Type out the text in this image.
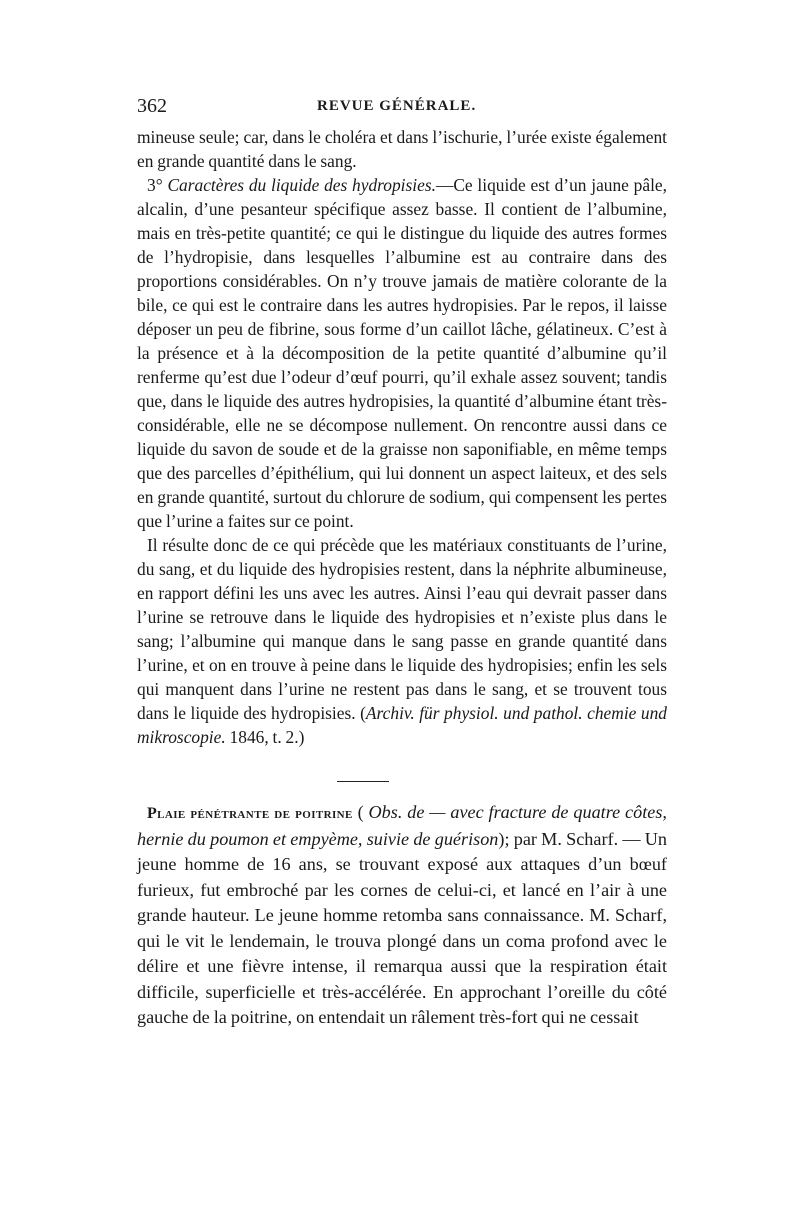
362	REVUE GÉNÉRALE.

mineuse seule; car, dans le choléra et dans l’ischurie, l’urée existe également en grande quantité dans le sang.

3° Caractères du liquide des hydropisies.—Ce liquide est d’un jaune pâle, alcalin, d’une pesanteur spécifique assez basse. Il contient de l’albumine, mais en très-petite quantité; ce qui le distingue du liquide des autres formes de l’hydropisie, dans lesquelles l’albumine est au contraire dans des proportions considérables. On n’y trouve jamais de matière colorante de la bile, ce qui est le contraire dans les autres hydropisies. Par le repos, il laisse déposer un peu de fibrine, sous forme d’un caillot lâche, gélatineux. C’est à la présence et à la décomposition de la petite quantité d’albumine qu’il renferme qu’est due l’odeur d’œuf pourri, qu’il exhale assez souvent; tandis que, dans le liquide des autres hydropisies, la quantité d’albumine étant très-considérable, elle ne se décompose nullement. On rencontre aussi dans ce liquide du savon de soude et de la graisse non saponifiable, en même temps que des parcelles d’épithélium, qui lui donnent un aspect laiteux, et des sels en grande quantité, surtout du chlorure de sodium, qui compensent les pertes que l’urine a faites sur ce point.

Il résulte donc de ce qui précède que les matériaux constituants de l’urine, du sang, et du liquide des hydropisies restent, dans la néphrite albumineuse, en rapport défini les uns avec les autres. Ainsi l’eau qui devrait passer dans l’urine se retrouve dans le liquide des hydropisies et n’existe plus dans le sang; l’albumine qui manque dans le sang passe en grande quantité dans l’urine, et on en trouve à peine dans le liquide des hydropisies; enfin les sels qui manquent dans l’urine ne restent pas dans le sang, et se trouvent tous dans le liquide des hydropisies. (Archiv. für physiol. und pathol. chemie und mikroscopie. 1846, t. 2.)

Plaie pénétrante de poitrine ( Obs. de — avec fracture de quatre côtes, hernie du poumon et empyème, suivie de guérison); par M. Scharf. — Un jeune homme de 16 ans, se trouvant exposé aux attaques d’un bœuf furieux, fut embroché par les cornes de celui-ci, et lancé en l’air à une grande hauteur. Le jeune homme retomba sans connaissance. M. Scharf, qui le vit le lendemain, le trouva plongé dans un coma profond avec le délire et une fièvre intense, il remarqua aussi que la respiration était difficile, superficielle et très-accélérée. En approchant l’oreille du côté gauche de la poitrine, on entendait un râlement très-fort qui ne cessait
